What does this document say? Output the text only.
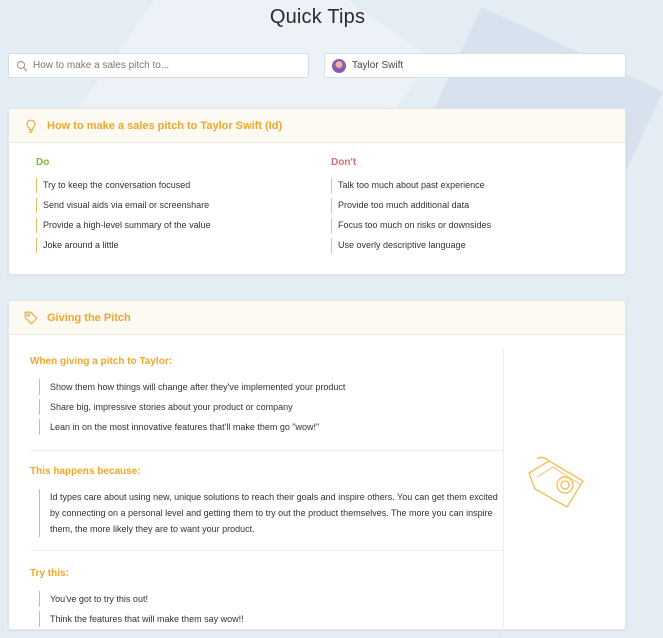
Quick Tips
How to make a sales pitch to...	Taylor Swift
How to make a sales pitch to Taylor Swift (Id)
Do
Try to keep the conversation focused
Send visual aids via email or screenshare
Provide a high-level summary of the value
Joke around a little
Don't
Talk too much about past experience
Provide too much additional data
Focus too much on risks or downsides
Use overly descriptive language
Giving the Pitch
When giving a pitch to Taylor:
Show them how things will change after they've implemented your product
Share big, impressive stories about your product or company
Lean in on the most innovative features that'll make them go "wow!"
This happens because:
Id types care about using new, unique solutions to reach their goals and inspire others. You can get them excited by connecting on a personal level and getting them to try out the product themselves. The more you can inspire them, the more likely they are to want your product.
Try this:
You've got to try this out!
Think the features that will make them say wow!!
